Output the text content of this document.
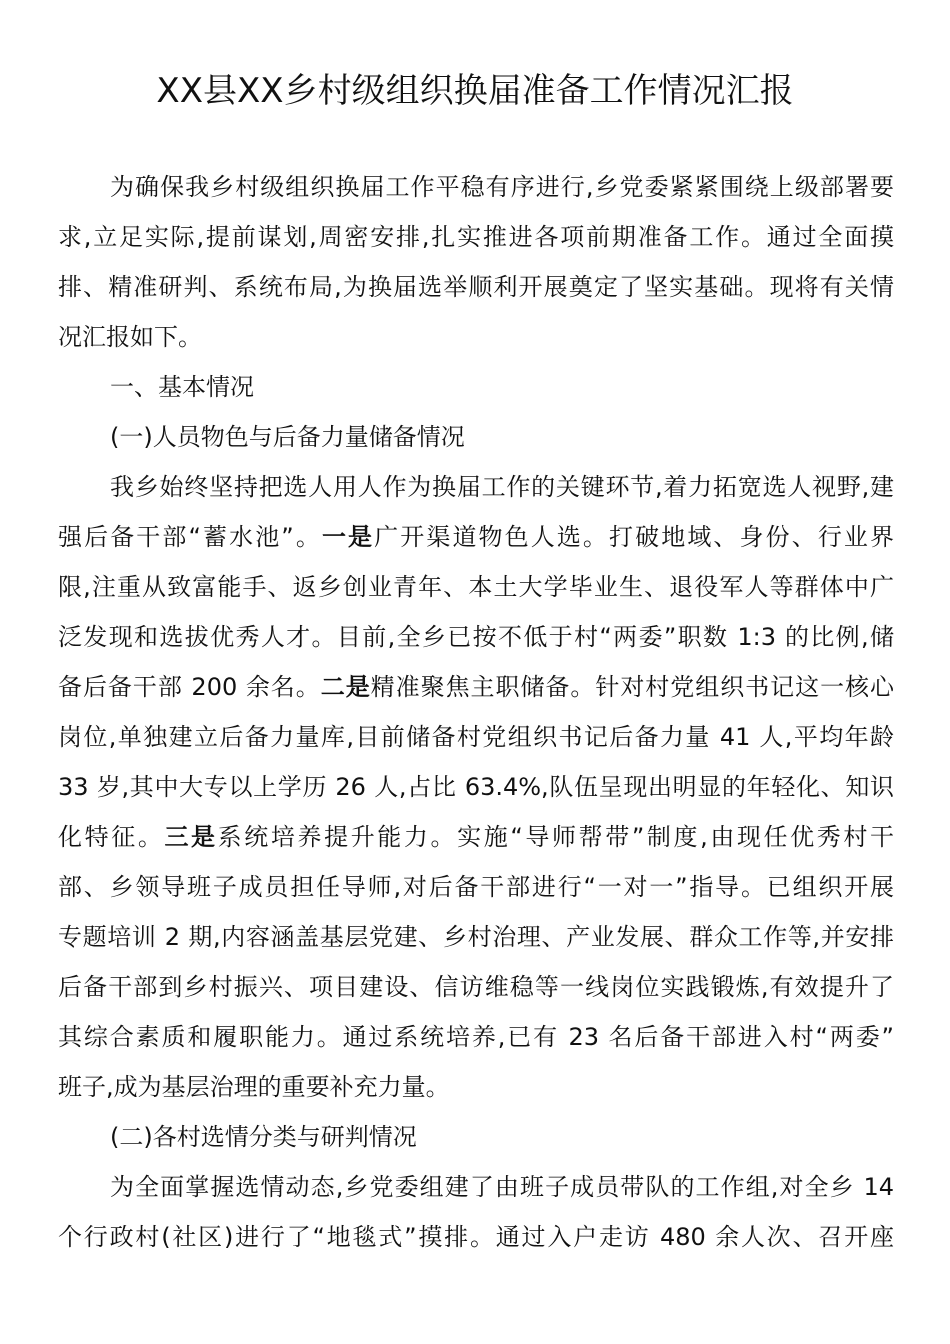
XX县XX乡村级组织换届准备工作情况汇报
为确保我乡村级组织换届工作平稳有序进行,乡党委紧紧围绕上级部署要
求,立足实际,提前谋划,周密安排,扎实推进各项前期准备工作。通过全面摸
排、精准研判、系统布局,为换届选举顺利开展奠定了坚实基础。现将有关情
况汇报如下。
一、基本情况
(一)人员物色与后备力量储备情况
我乡始终坚持把选人用人作为换届工作的关键环节,着力拓宽选人视野,建
强后备干部“蓄水池”。一是广开渠道物色人选。打破地域、身份、行业界
限,注重从致富能手、返乡创业青年、本土大学毕业生、退役军人等群体中广
泛发现和选拔优秀人才。目前,全乡已按不低于村“两委”职数 1:3 的比例,储
备后备干部 200 余名。二是精准聚焦主职储备。针对村党组织书记这一核心
岗位,单独建立后备力量库,目前储备村党组织书记后备力量 41 人,平均年龄
33 岁,其中大专以上学历 26 人,占比 63.4%,队伍呈现出明显的年轻化、知识
化特征。三是系统培养提升能力。实施“导师帮带”制度,由现任优秀村干
部、乡领导班子成员担任导师,对后备干部进行“一对一”指导。已组织开展
专题培训 2 期,内容涵盖基层党建、乡村治理、产业发展、群众工作等,并安排
后备干部到乡村振兴、项目建设、信访维稳等一线岗位实践锻炼,有效提升了
其综合素质和履职能力。通过系统培养,已有 23 名后备干部进入村“两委”
班子,成为基层治理的重要补充力量。
(二)各村选情分类与研判情况
为全面掌握选情动态,乡党委组建了由班子成员带队的工作组,对全乡 14
个行政村(社区)进行了“地毯式”摸排。通过入户走访 480 余人次、召开座
